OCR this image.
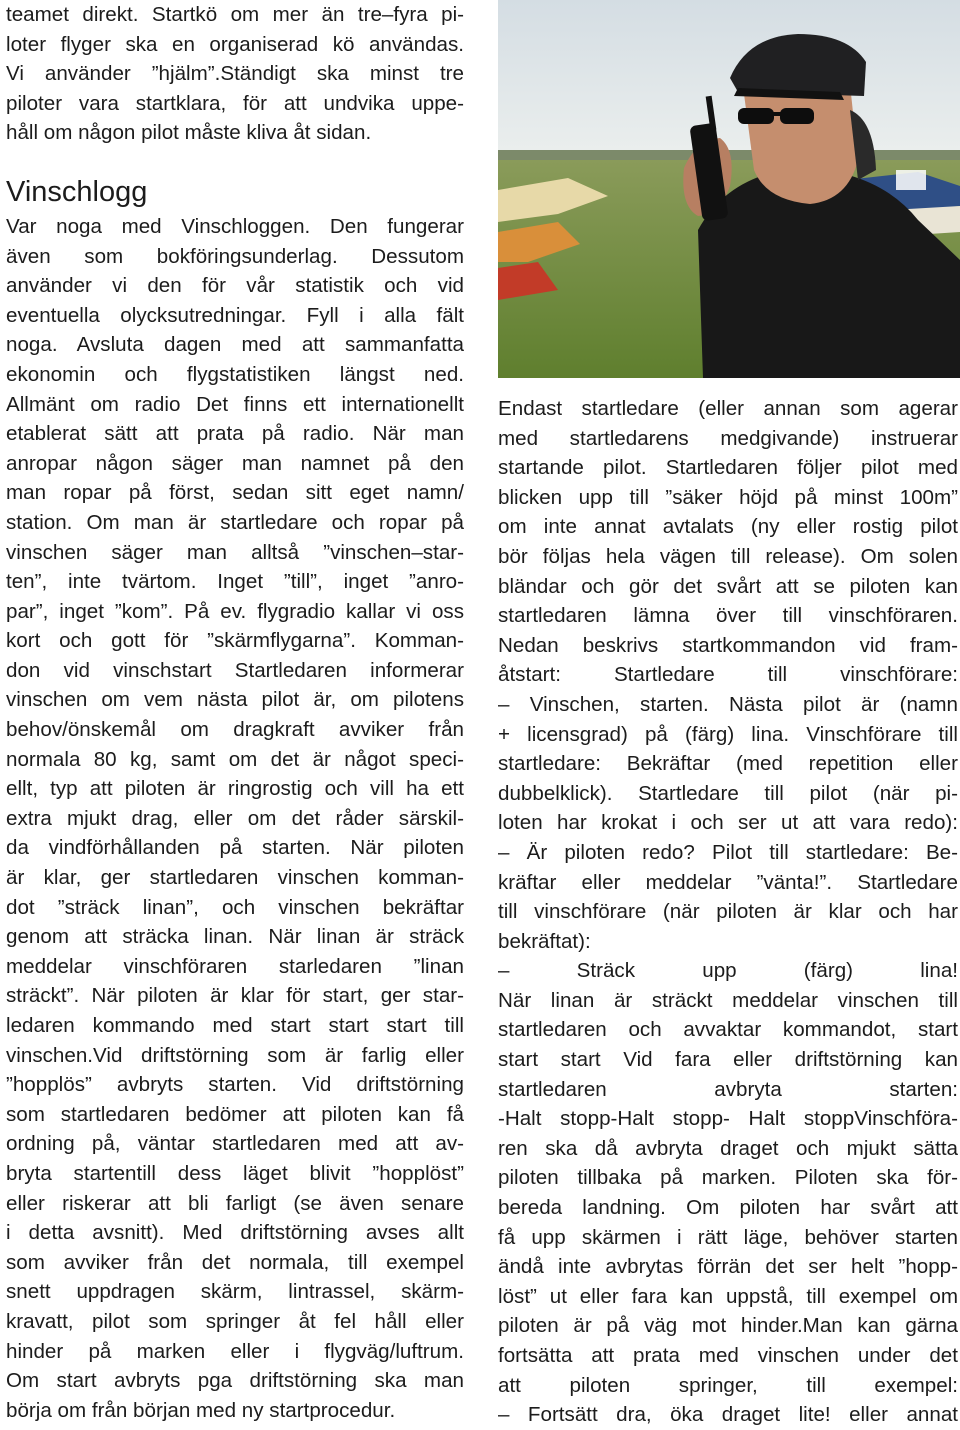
teamet direkt. Startkö om mer än tre–fyra pi-
loter flyger ska en organiserad kö användas.
Vi använder ”hjälm”.Ständigt ska minst tre
piloter vara startklara, för att undvika uppe-
håll om någon pilot måste kliva åt sidan.
Vinschlogg
Var noga med Vinschloggen. Den fungerar
även som bokföringsunderlag. Dessutom
använder vi den för vår statistik och vid
eventuella olycksutredningar. Fyll i alla fält
noga. Avsluta dagen med att sammanfatta
ekonomin och flygstatistiken längst ned.
Allmänt om radio Det finns ett internationellt
etablerat sätt att prata på radio. När man
anropar någon säger man namnet på den
man ropar på först, sedan sitt eget namn/
station. Om man är startledare och ropar på
vinschen säger man alltså ”vinschen–star-
ten”, inte tvärtom. Inget ”till”, inget ”anro-
par”, inget ”kom”. På ev. flygradio kallar vi oss
kort och gott för ”skärmflygarna”. Komman-
don vid vinschstart Startledaren informerar
vinschen om vem nästa pilot är, om pilotens
behov/önskemål om dragkraft avviker från
normala 80 kg, samt om det är något speci-
ellt, typ att piloten är ringrostig och vill ha ett
extra mjukt drag, eller om det råder särskil-
da vindförhållanden på starten. När piloten
är klar, ger startledaren vinschen komman-
dot ”sträck linan”, och vinschen bekräftar
genom att sträcka linan. När linan är sträck
meddelar vinschföraren starledaren ”linan
sträckt”. När piloten är klar för start, ger star-
ledaren kommando med start start start till
vinschen.Vid driftstörning som är farlig eller
”hopplös” avbryts starten. Vid driftstörning
som startledaren bedömer att piloten kan få
ordning på, väntar startledaren med att av-
bryta startentill dess läget blivit ”hopplöst”
eller riskerar att bli farligt (se även senare
i detta avsnitt). Med driftstörning avses allt
som avviker från det normala, till exempel
snett uppdragen skärm, lintrassel, skärm-
kravatt, pilot som springer åt fel håll eller
hinder på marken eller i flygväg/luftrum.
Om start avbryts pga driftstörning ska man
börja om från början med ny startprocedur.
Endast startledare (eller annan som agerar
med startledarens medgivande) instruerar
startande pilot. Startledaren följer pilot med
blicken upp till ”säker höjd på minst 100m”
om inte annat avtalats (ny eller rostig pilot
bör följas hela vägen till release). Om solen
bländar och gör det svårt att se piloten kan
startledaren lämna över till vinschföraren.
Nedan beskrivs startkommandon vid fram-
åtstart: Startledare till vinschförare:
– Vinschen, starten. Nästa pilot är (namn
+ licensgrad) på (färg) lina. Vinschförare till
startledare: Bekräftar (med repetition eller
dubbelklick). Startledare till pilot (när pi-
loten har krokat i och ser ut att vara redo):
– Är piloten redo? Pilot till startledare: Be-
kräftar eller meddelar ”vänta!”. Startledare
till vinschförare (när piloten är klar och har
bekräftat):
– Sträck upp (färg) lina!
När linan är sträckt meddelar vinschen till
startledaren och avvaktar kommandot, start
start start Vid fara eller driftstörning kan
startledaren avbryta starten:
-Halt stopp-Halt stopp- Halt stoppVinschföra-
ren ska då avbryta draget och mjukt sätta
piloten tillbaka på marken. Piloten ska för-
bereda landning. Om piloten har svårt att
få upp skärmen i rätt läge, behöver starten
ändå inte avbrytas förrän det ser helt ”hopp-
löst” ut eller fara kan uppstå, till exempel om
piloten är på väg mot hinder.Man kan gärna
fortsätta att prata med vinschen under det
att piloten springer, till exempel:
– Fortsätt dra, öka draget lite! eller annat
